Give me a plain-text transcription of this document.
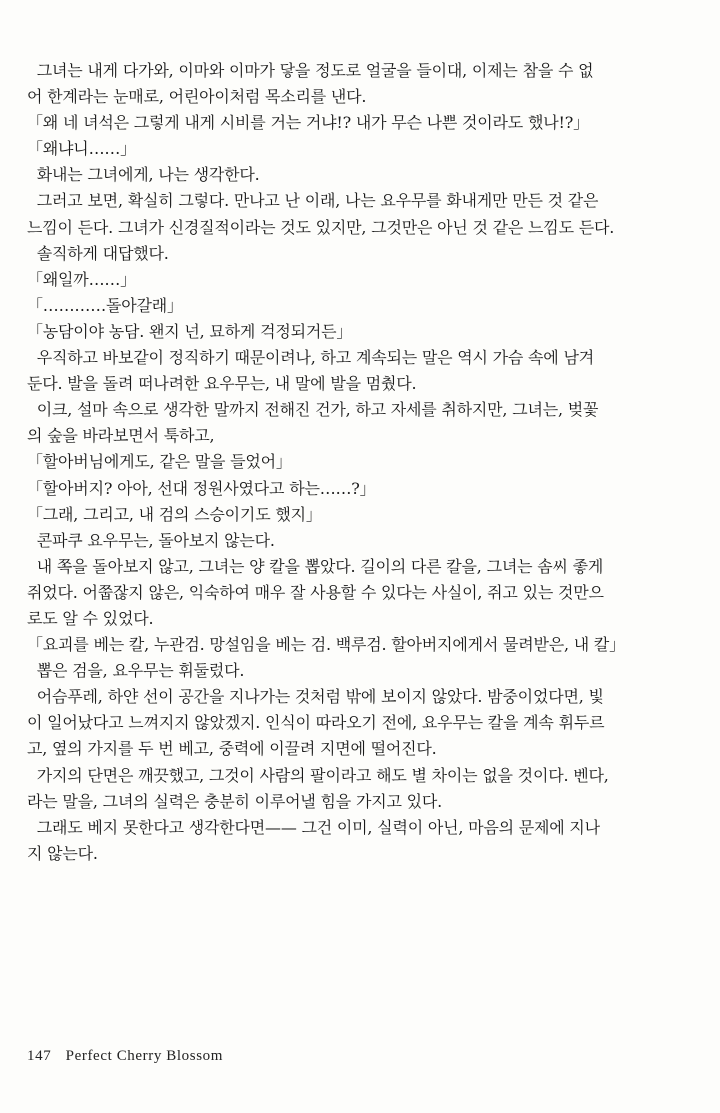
그녀는 내게 다가와, 이마와 이마가 닿을 정도로 얼굴을 들이대, 이제는 참을 수 없
어 한계라는 눈매로, 어린아이처럼 목소리를 낸다.
「왜 네 녀석은 그렇게 내게 시비를 거는 거냐!? 내가 무슨 나쁜 것이라도 했나!?」
「왜냐니……」
화내는 그녀에게, 나는 생각한다.
그러고 보면, 확실히 그렇다. 만나고 난 이래, 나는 요우무를 화내게만 만든 것 같은
느낌이 든다. 그녀가 신경질적이라는 것도 있지만, 그것만은 아닌 것 같은 느낌도 든다.
솔직하게 대답했다.
「왜일까……」
「…………돌아갈래」
「농담이야 농담. 왠지 넌, 묘하게 걱정되거든」
우직하고 바보같이 정직하기 때문이려나, 하고 계속되는 말은 역시 가슴 속에 남겨
둔다. 발을 돌려 떠나려한 요우무는, 내 말에 발을 멈췄다.
이크, 설마 속으로 생각한 말까지 전해진 건가, 하고 자세를 취하지만, 그녀는, 벚꽃
의 숲을 바라보면서 툭하고,
「할아버님에게도, 같은 말을 들었어」
「할아버지? 아아, 선대 정원사였다고 하는……?」
「그래, 그리고, 내 검의 스승이기도 했지」
콘파쿠 요우무는, 돌아보지 않는다.
내 쪽을 돌아보지 않고, 그녀는 양 칼을 뽑았다. 길이의 다른 칼을, 그녀는 솜씨 좋게
쥐었다. 어쭙잖지 않은, 익숙하여 매우 잘 사용할 수 있다는 사실이, 쥐고 있는 것만으
로도 알 수 있었다.
「요괴를 베는 칼, 누관검. 망설임을 베는 검. 백루검. 할아버지에게서 물려받은, 내 칼」
뽑은 검을, 요우무는 휘둘렀다.
어슴푸레, 하얀 선이 공간을 지나가는 것처럼 밖에 보이지 않았다. 밤중이었다면, 빛
이 일어났다고 느껴지지 않았겠지. 인식이 따라오기 전에, 요우무는 칼을 계속 휘두르
고, 옆의 가지를 두 번 베고, 중력에 이끌려 지면에 떨어진다.
가지의 단면은 깨끗했고, 그것이 사람의 팔이라고 해도 별 차이는 없을 것이다. 벤다,
라는 말을, 그녀의 실력은 충분히 이루어낼 힘을 가지고 있다.
그래도 베지 못한다고 생각한다면—— 그건 이미, 실력이 아닌, 마음의 문제에 지나
지 않는다.
147 Perfect Cherry Blossom
